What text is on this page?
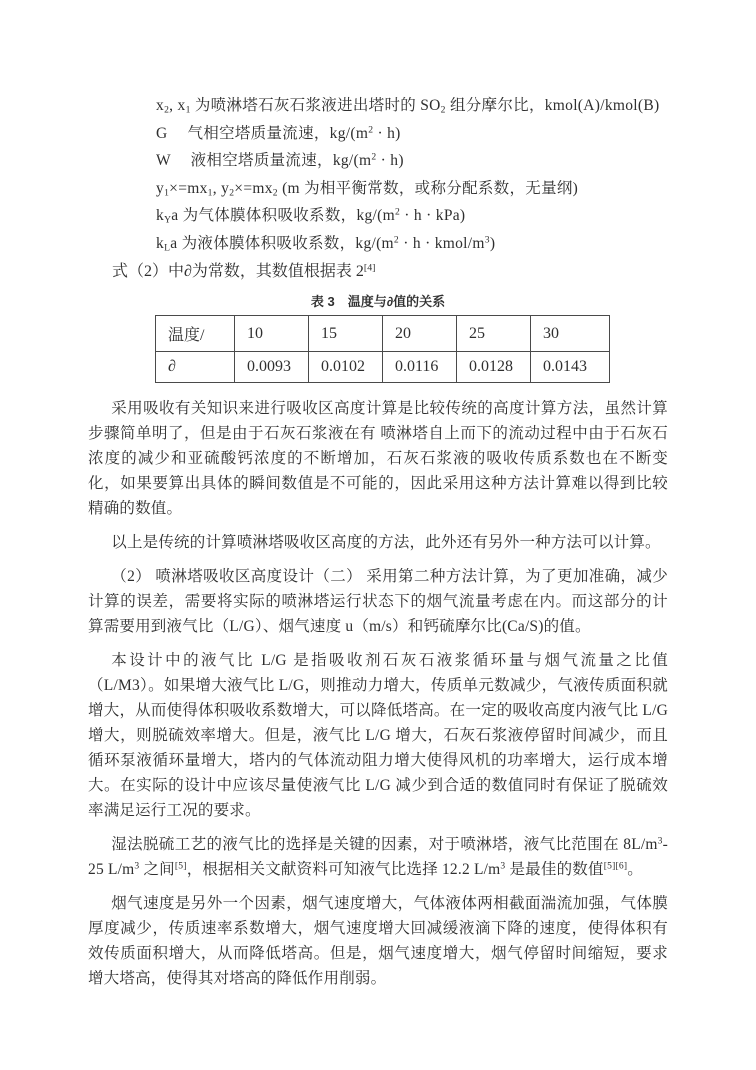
$x_2$, $x_1$ 为喷淋塔石灰石浆液进出塔时的 $SO_2$ 组分摩尔比，kmol(A)/kmol(B)
G　 气相空塔质量流速，$kg/(m^2 \cdot h)$
W　 液相空塔质量流速，$kg/(m^2 \cdot h)$
$y_1\times=mx_1$, $y_2\times=mx_2$ (m 为相平衡常数，或称分配系数，无量纲)
$k_Ya$ 为气体膜体积吸收系数，$kg/(m^2 \cdot h \cdot kPa)$
$k_La$ 为液体膜体积吸收系数，$kg/(m^2 \cdot h$ · kmol/$m^3$)
式（2）中∂为常数，其数值根据表 2[4]
表 3　温度与∂值的关系
温度/	10	15	20	25	30
∂	0.0093	0.0102	0.0116	0.0128	0.0143

采用吸收有关知识来进行吸收区高度计算是比较传统的高度计算方法，虽然计算步骤简单明了，但是由于石灰石浆液在有 喷淋塔自上而下的流动过程中由于石灰石浓度的减少和亚硫酸钙浓度的不断增加，石灰石浆液的吸收传质系数也在不断变化，如果要算出具体的瞬间数值是不可能的，因此采用这种方法计算难以得到比较精确的数值。

以上是传统的计算喷淋塔吸收区高度的方法，此外还有另外一种方法可以计算。

（2） 喷淋塔吸收区高度设计（二） 采用第二种方法计算，为了更加准确，减少计算的误差，需要将实际的喷淋塔运行状态下的烟气流量考虑在内。而这部分的计算需要用到液气比（L/G）、烟气速度 u（m/s）和钙硫摩尔比(Ca/S)的值。

本设计中的液气比 L/G 是指吸收剂石灰石液浆循环量与烟气流量之比值（L/M3）。如果增大液气比 L/G，则推动力增大，传质单元数减少，气液传质面积就增大，从而使得体积吸收系数增大，可以降低塔高。在一定的吸收高度内液气比 L/G 增大，则脱硫效率增大。但是，液气比 L/G 增大，石灰石浆液停留时间减少，而且循环泵液循环量增大，塔内的气体流动阻力增大使得风机的功率增大，运行成本增大。在实际的设计中应该尽量使液气比 L/G 减少到合适的数值同时有保证了脱硫效率满足运行工况的要求。

湿法脱硫工艺的液气比的选择是关键的因素，对于喷淋塔，液气比范围在 $8L/m^3-25$ $L/m^3$ 之间[5]，根据相关文献资料可知液气比选择 12.2 $L/m^3$ 是最佳的数值[5][6]。

烟气速度是另外一个因素，烟气速度增大，气体液体两相截面湍流加强，气体膜厚度减少，传质速率系数增大，烟气速度增大回减缓液滴下降的速度，使得体积有效传质面积增大，从而降低塔高。但是，烟气速度增大，烟气停留时间缩短，要求增大塔高，使得其对塔高的降低作用削弱。
